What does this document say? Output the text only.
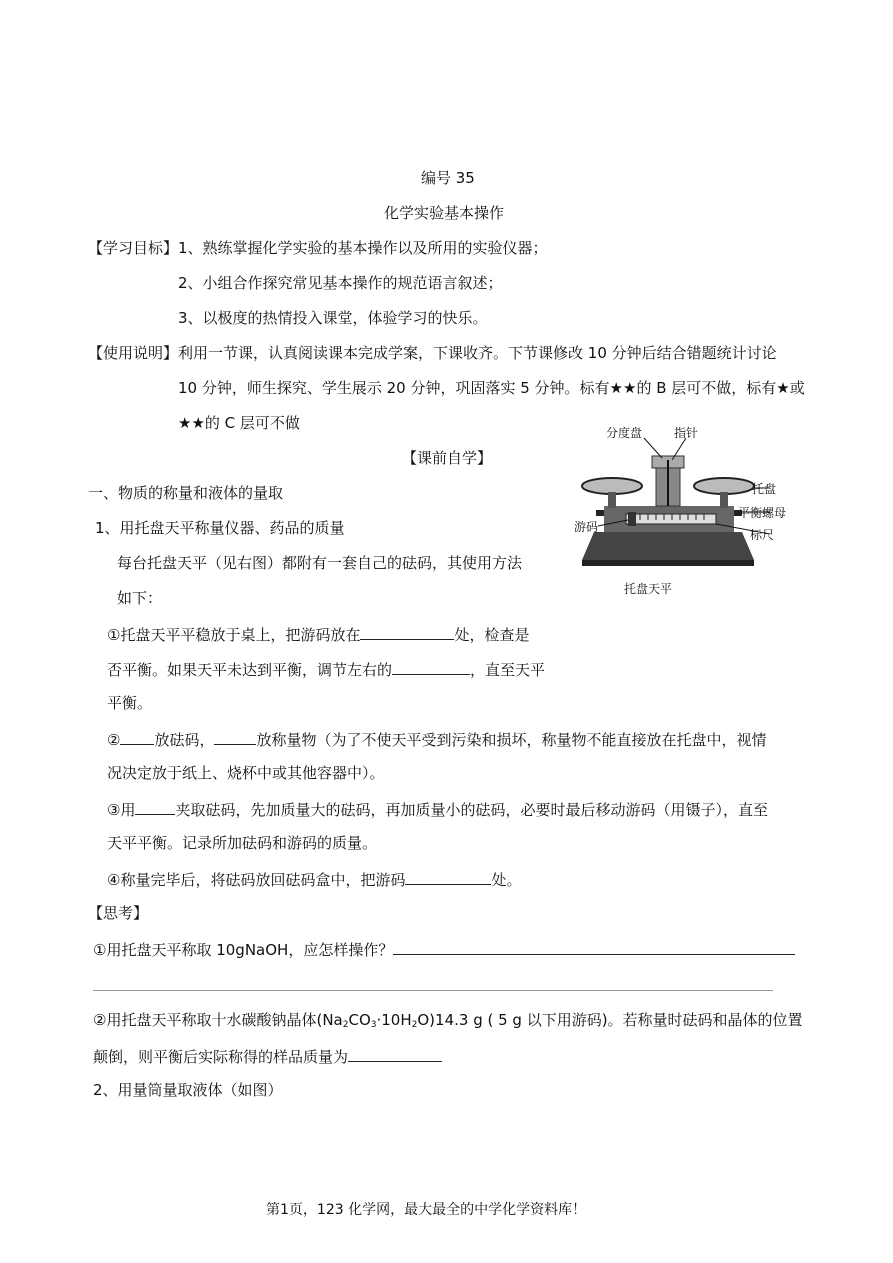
编号 35
化学实验基本操作
【学习目标】1、熟练掌握化学实验的基本操作以及所用的实验仪器；
2、小组合作探究常见基本操作的规范语言叙述；
3、以极度的热情投入课堂，体验学习的快乐。
【使用说明】利用一节课，认真阅读课本完成学案，下课收齐。下节课修改 10 分钟后结合错题统计讨论
10 分钟，师生探究、学生展示 20 分钟，巩固落实 5 分钟。标有★★的 B 层可不做，标有★或
★★的 C 层可不做
【课前自学】
一、物质的称量和液体的量取
1、用托盘天平称量仪器、药品的质量
每台托盘天平（见右图）都附有一套自己的砝码，其使用方法
如下：
①托盘天平平稳放于桌上，把游码放在	处，检查是
否平衡。如果天平未达到平衡，调节左右的	，直至天平
平衡。
② 放砝码，	放称量物（为了不使天平受到污染和损坏，称量物不能直接放在托盘中，视情
况决定放于纸上、烧杯中或其他容器中）。
③用	夹取砝码，先加质量大的砝码，再加质量小的砝码，必要时最后移动游码（用镊子），直至
天平平衡。记录所加砝码和游码的质量。
④称量完毕后，将砝码放回砝码盒中，把游码	处。
【思考】
①用托盘天平称取 10gNaOH，应怎样操作？
②用托盘天平称取十水碳酸钠晶体$(Na_2CO_3\cdot 10H_2O)14.3$ g ( 5 g 以下用游码)。若称量时砝码和晶体的位置
颠倒，则平衡后实际称得的样品质量为
2、用量筒量取液体（如图）
分度盘	指针
托盘
平衡螺母
游码
标尺
托盘天平
第1页，123 化学网，最大最全的中学化学资料库！
